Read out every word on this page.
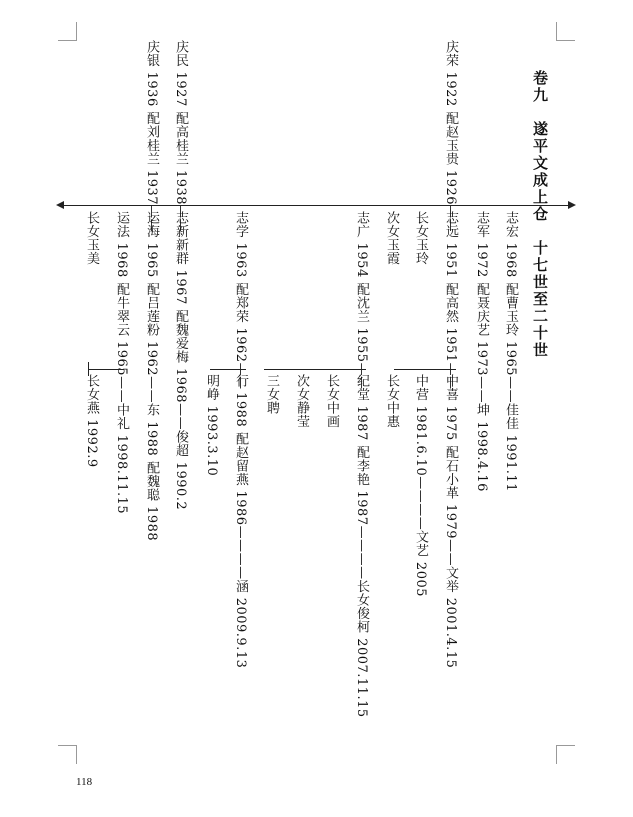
卷九　遂平文成上仓
十七世至二十世
庆荣 1922 配赵玉贵 1926——
庆民 1927 配高桂兰 1938——
庆银 1936 配刘桂兰 1937——
志宏 1968 配曹玉玲 1965——佳佳 1991.11
志军 1972 配聂庆艺 1973——坤 1998.4.16
志远 1951 配高然 1951——
长女玉玲
次女玉霞
志广 1954 配沈兰 1955——
志学 1963 配郑荣 1962——
志新新群 1967 配魏爱梅 1968——俊超 1990.2
运海 1965 配吕莲粉 1962——东 1988 配魏聪 1988
运法 1968 配牛翠云 1965——中礼 1998.11.15
长女玉美
中喜 1975 配石小革 1979——文举 2001.4.15
中营 1981.6.10————文艺 2005
长女中惠
纪堂 1987 配李艳 1987————长女俊柯 2007.11.15
长女中画
次女静莹
三女聘
行 1988 配赵留燕 1986————涵 2009.9.13
明峥 1993.3.10
长女燕 1992.9
118
